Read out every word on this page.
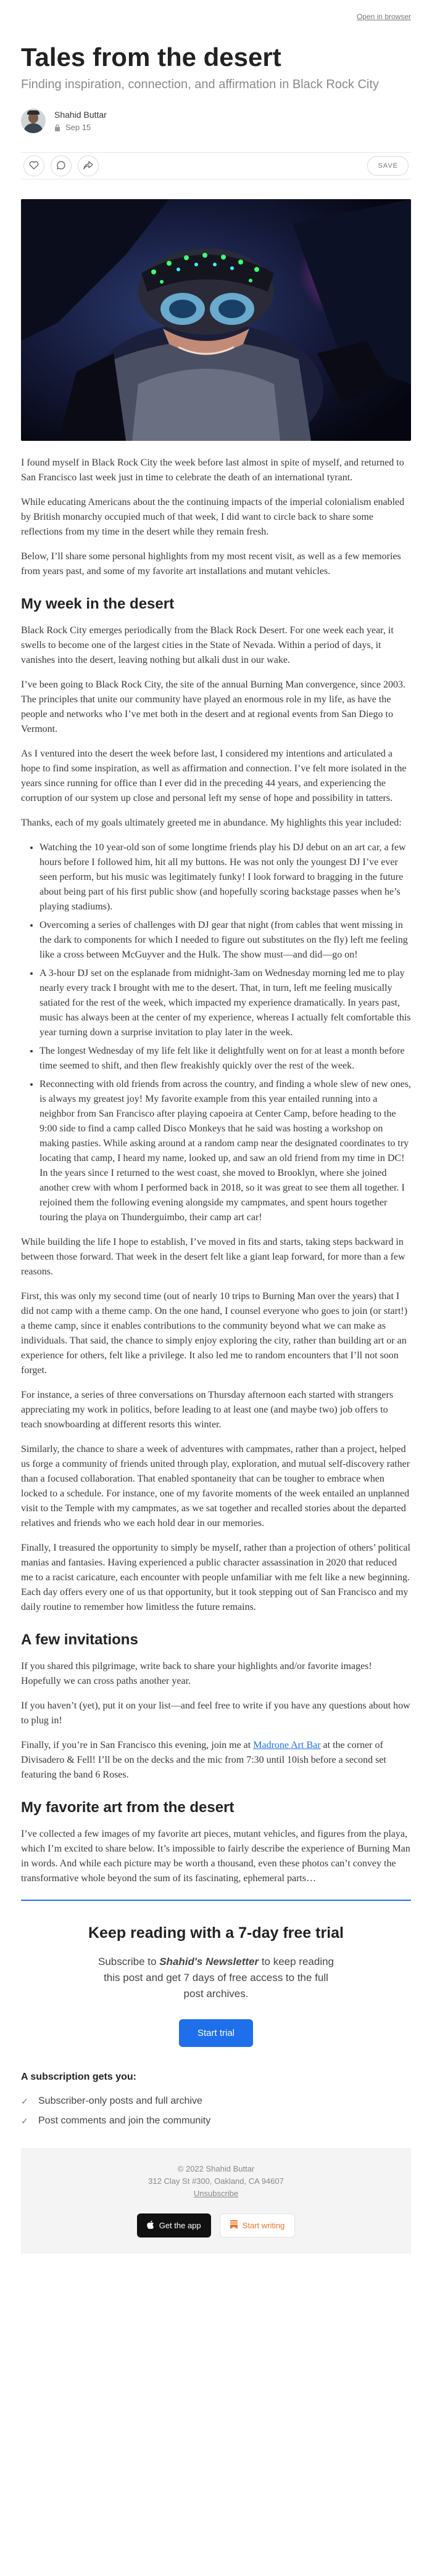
Open in browser
Tales from the desert
Finding inspiration, connection, and affirmation in Black Rock City
Shahid Buttar
Sep 15
SAVE

I found myself in Black Rock City the week before last almost in spite of myself, and returned to San Francisco last week just in time to celebrate the death of an international tyrant.

While educating Americans about the the continuing impacts of the imperial colonialism enabled by British monarchy occupied much of that week, I did want to circle back to share some reflections from my time in the desert while they remain fresh.

Below, I’ll share some personal highlights from my most recent visit, as well as a few memories from years past, and some of my favorite art installations and mutant vehicles.

My week in the desert

Black Rock City emerges periodically from the Black Rock Desert. For one week each year, it swells to become one of the largest cities in the State of Nevada. Within a period of days, it vanishes into the desert, leaving nothing but alkali dust in our wake.

I’ve been going to Black Rock City, the site of the annual Burning Man convergence, since 2003. The principles that unite our community have played an enormous role in my life, as have the people and networks who I’ve met both in the desert and at regional events from San Diego to Vermont.

As I ventured into the desert the week before last, I considered my intentions and articulated a hope to find some inspiration, as well as affirmation and connection. I’ve felt more isolated in the years since running for office than I ever did in the preceding 44 years, and experiencing the corruption of our system up close and personal left my sense of hope and possibility in tatters.

Thanks, each of my goals ultimately greeted me in abundance. My highlights this year included:

• Watching the 10 year-old son of some longtime friends play his DJ debut on an art car, a few hours before I followed him, hit all my buttons. He was not only the youngest DJ I’ve ever seen perform, but his music was legitimately funky! I look forward to bragging in the future about being part of his first public show (and hopefully scoring backstage passes when he’s playing stadiums).
• Overcoming a series of challenges with DJ gear that night (from cables that went missing in the dark to components for which I needed to figure out substitutes on the fly) left me feeling like a cross between McGuyver and the Hulk. The show must—and did—go on!
• A 3-hour DJ set on the esplanade from midnight-3am on Wednesday morning led me to play nearly every track I brought with me to the desert. That, in turn, left me feeling musically satiated for the rest of the week, which impacted my experience dramatically. In years past, music has always been at the center of my experience, whereas I actually felt comfortable this year turning down a surprise invitation to play later in the week.
• The longest Wednesday of my life felt like it delightfully went on for at least a month before time seemed to shift, and then flew freakishly quickly over the rest of the week.
• Reconnecting with old friends from across the country, and finding a whole slew of new ones, is always my greatest joy! My favorite example from this year entailed running into a neighbor from San Francisco after playing capoeira at Center Camp, before heading to the 9:00 side to find a camp called Disco Monkeys that he said was hosting a workshop on making pasties. While asking around at a random camp near the designated coordinates to try locating that camp, I heard my name, looked up, and saw an old friend from my time in DC! In the years since I returned to the west coast, she moved to Brooklyn, where she joined another crew with whom I performed back in 2018, so it was great to see them all together. I rejoined them the following evening alongside my campmates, and spent hours together touring the playa on Thunderguimbo, their camp art car!

While building the life I hope to establish, I’ve moved in fits and starts, taking steps backward in between those forward. That week in the desert felt like a giant leap forward, for more than a few reasons.

First, this was only my second time (out of nearly 10 trips to Burning Man over the years) that I did not camp with a theme camp. On the one hand, I counsel everyone who goes to join (or start!) a theme camp, since it enables contributions to the community beyond what we can make as individuals. That said, the chance to simply enjoy exploring the city, rather than building art or an experience for others, felt like a privilege. It also led me to random encounters that I’ll not soon forget.

For instance, a series of three conversations on Thursday afternoon each started with strangers appreciating my work in politics, before leading to at least one (and maybe two) job offers to teach snowboarding at different resorts this winter.

Similarly, the chance to share a week of adventures with campmates, rather than a project, helped us forge a community of friends united through play, exploration, and mutual self-discovery rather than a focused collaboration. That enabled spontaneity that can be tougher to embrace when locked to a schedule. For instance, one of my favorite moments of the week entailed an unplanned visit to the Temple with my campmates, as we sat together and recalled stories about the departed relatives and friends who we each hold dear in our memories.

Finally, I treasured the opportunity to simply be myself, rather than a projection of others’ political manias and fantasies. Having experienced a public character assassination in 2020 that reduced me to a racist caricature, each encounter with people unfamiliar with me felt like a new beginning. Each day offers every one of us that opportunity, but it took stepping out of San Francisco and my daily routine to remember how limitless the future remains.

A few invitations

If you shared this pilgrimage, write back to share your highlights and/or favorite images! Hopefully we can cross paths another year.

If you haven’t (yet), put it on your list—and feel free to write if you have any questions about how to plug in!

Finally, if you’re in San Francisco this evening, join me at Madrone Art Bar at the corner of Divisadero & Fell! I’ll be on the decks and the mic from 7:30 until 10ish before a second set featuring the band 6 Roses.

My favorite art from the desert

I’ve collected a few images of my favorite art pieces, mutant vehicles, and figures from the playa, which I’m excited to share below. It’s impossible to fairly describe the experience of Burning Man in words. And while each picture may be worth a thousand, even these photos can’t convey the transformative whole beyond the sum of its fascinating, ephemeral parts…

Keep reading with a 7-day free trial

Subscribe to Shahid's Newsletter to keep reading this post and get 7 days of free access to the full post archives.

Start trial
A subscription gets you:
✓ Subscriber-only posts and full archive
✓ Post comments and join the community
© 2022 Shahid Buttar
312 Clay St #300, Oakland, CA 94607
Unsubscribe
Get the app	Start writing
